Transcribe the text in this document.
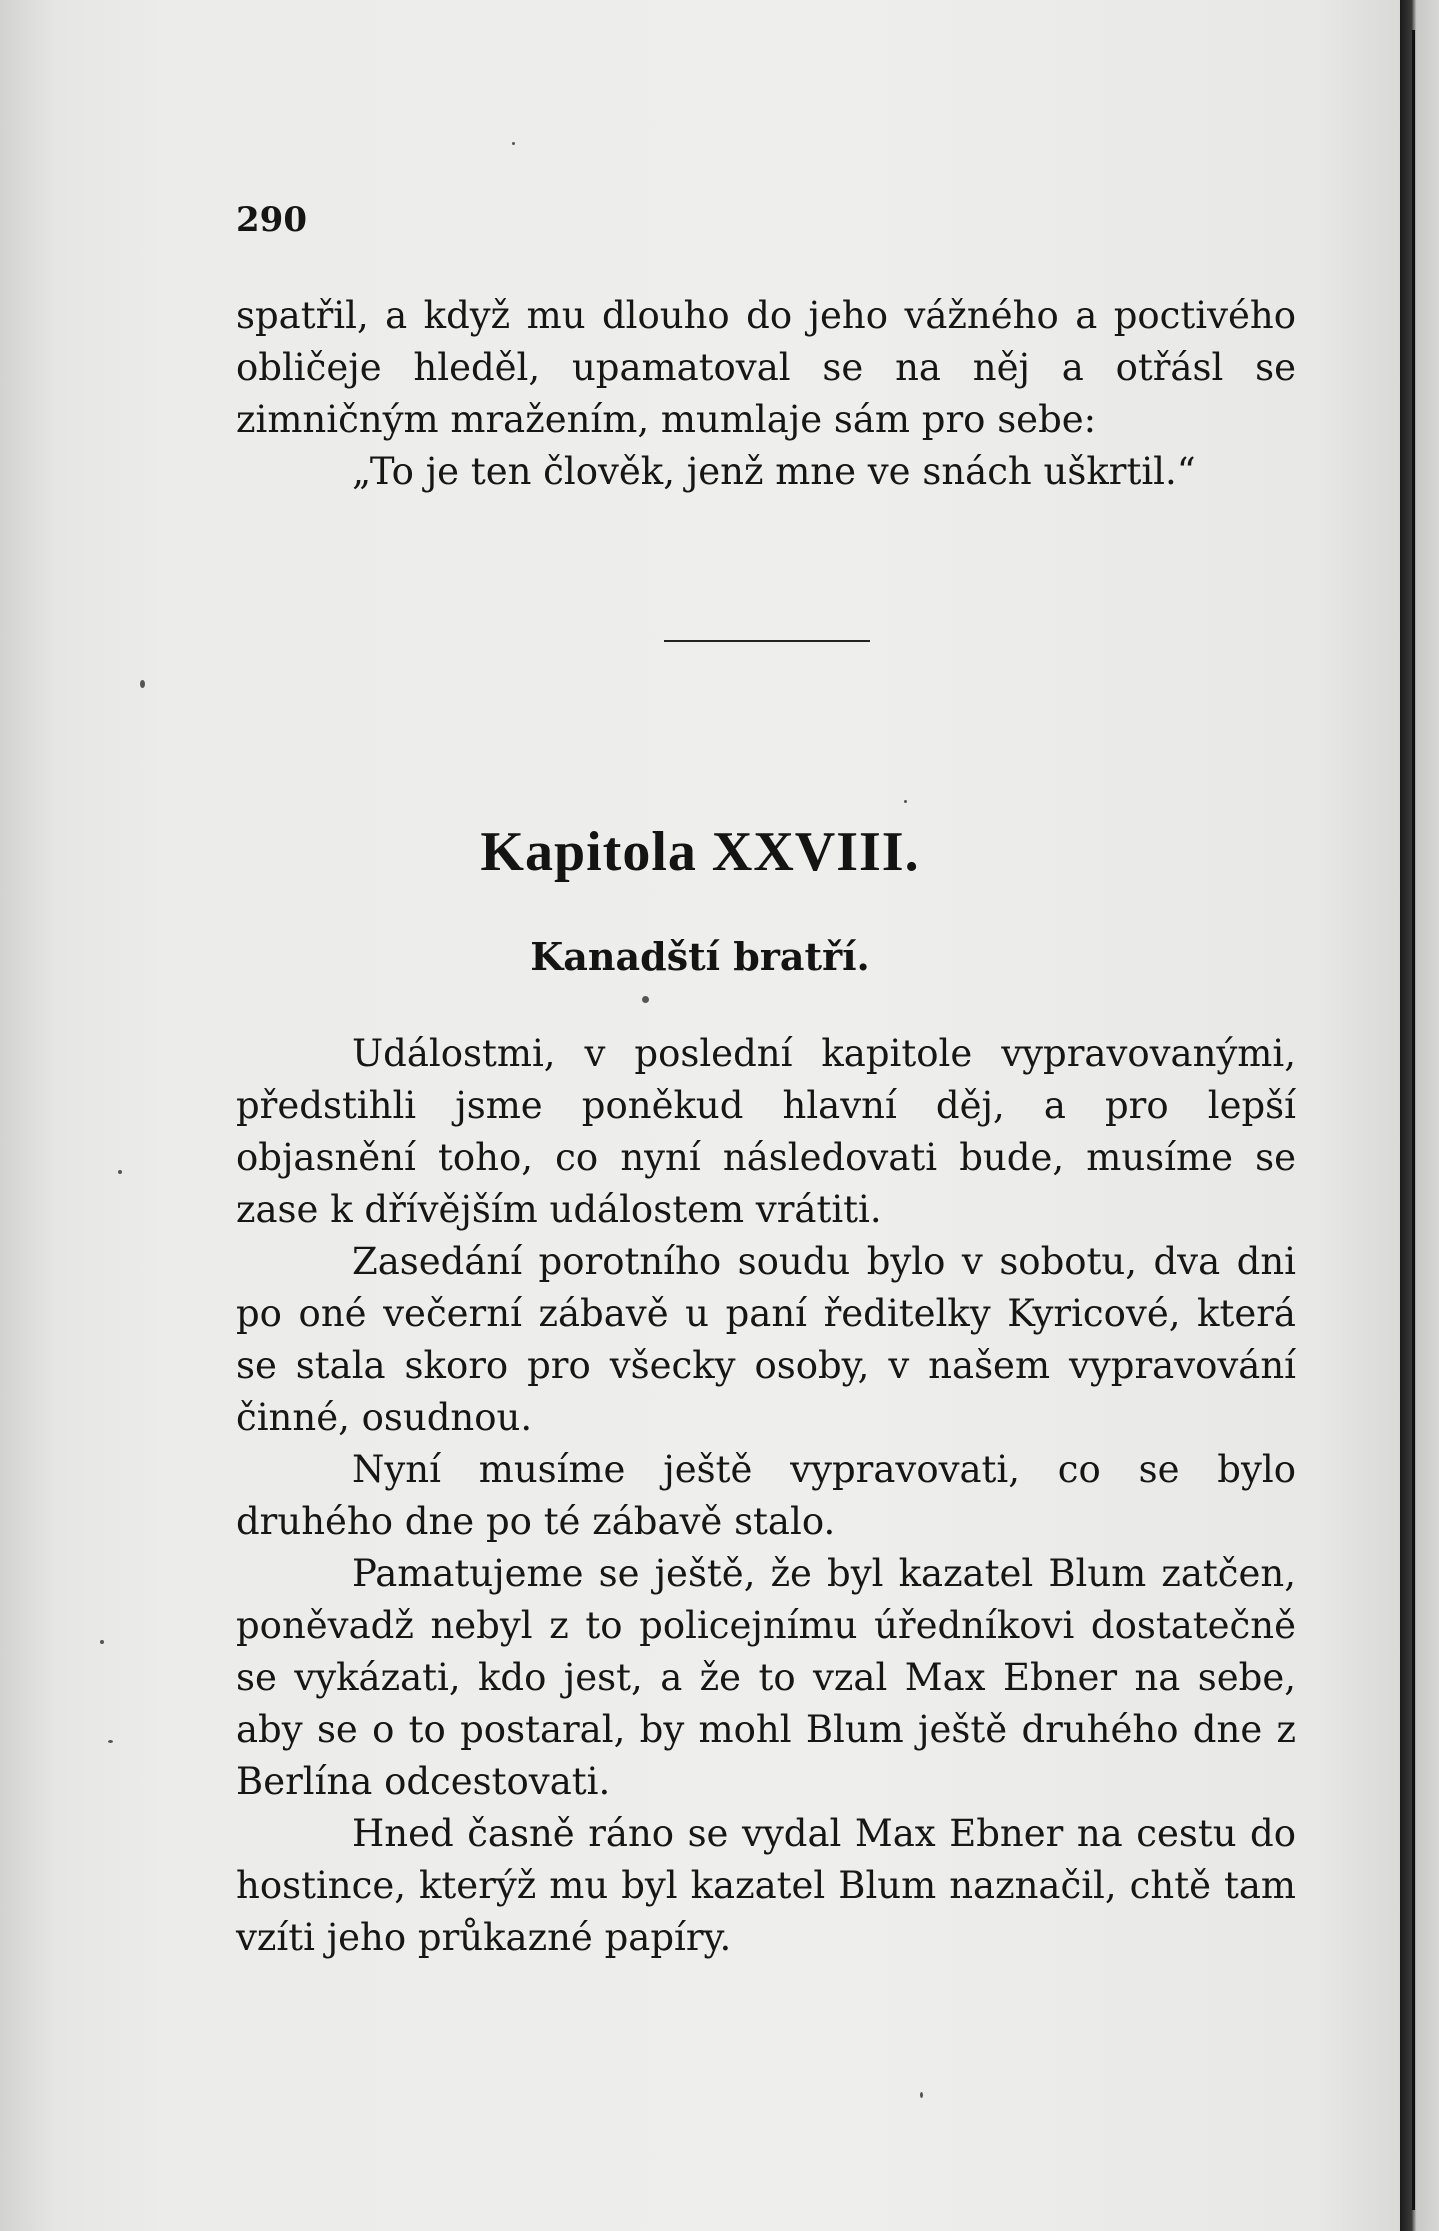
290

spatřil, a když mu dlouho do jeho vážného a poctivého obličeje hleděl, upamatoval se na něj a otřásl se zimničným mražením, mumlaje sám pro sebe:

„To je ten člověk, jenž mne ve snách uškrtil.“

Kapitola XXVIII.
Kanadští bratří.

Událostmi, v poslední kapitole vypravovanými, předstihli jsme poněkud hlavní děj, a pro lepší objasnění toho, co nyní následovati bude, musíme se zase k dřívějším událostem vrátiti.

Zasedání porotního soudu bylo v sobotu, dva dni po oné večerní zábavě u paní ředitelky Kyricové, která se stala skoro pro všecky osoby, v našem vypravování činné, osudnou.

Nyní musíme ještě vypravovati, co se bylo druhého dne po té zábavě stalo.

Pamatujeme se ještě, že byl kazatel Blum zatčen, poněvadž nebyl z to policejnímu úředníkovi dostatečně se vykázati, kdo jest, a že to vzal Max Ebner na sebe, aby se o to postaral, by mohl Blum ještě druhého dne z Berlína odcestovati.

Hned časně ráno se vydal Max Ebner na cestu do hostince, kterýž mu byl kazatel Blum naznačil, chtě tam vzíti jeho průkazné papíry.
